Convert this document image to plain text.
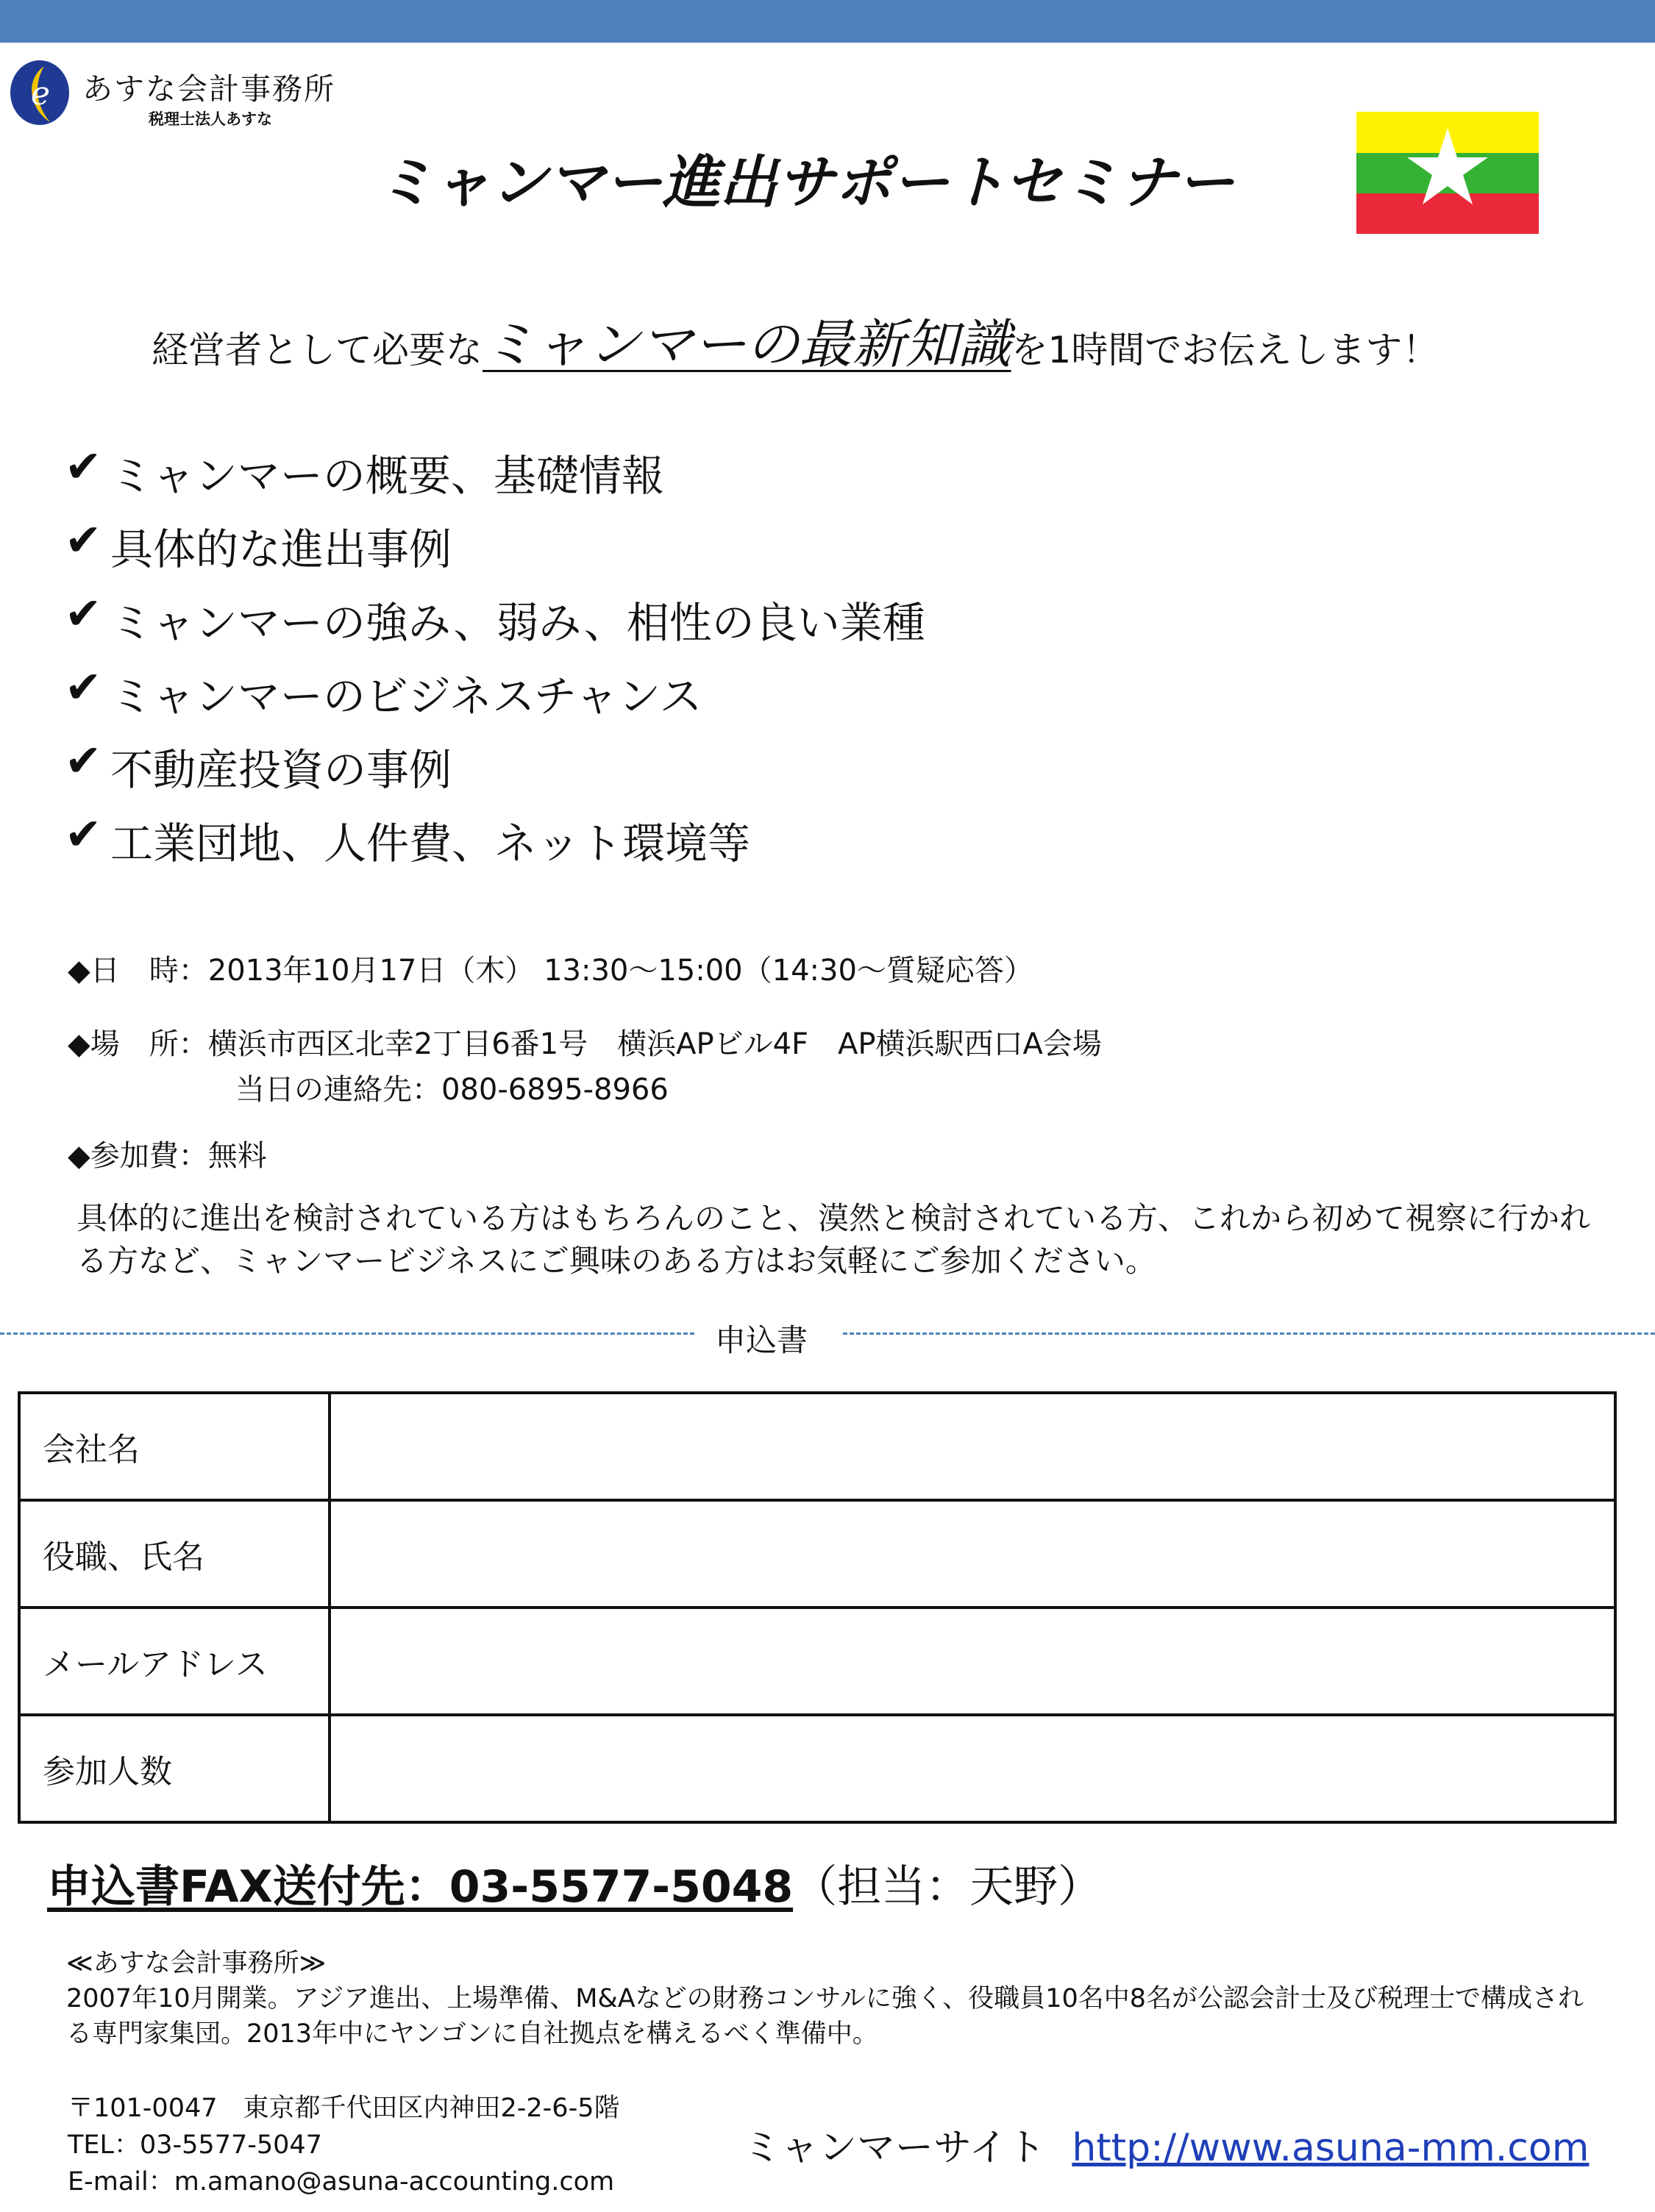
e あすな会計事務所
税理士法人あすな
ミャンマー進出サポートセミナー
経営者として必要なミャンマーの最新知識を1時間でお伝えします！
✔ ミャンマーの概要、基礎情報
✔ 具体的な進出事例
✔ ミャンマーの強み、弱み、相性の良い業種
✔ ミャンマーのビジネスチャンス
✔ 不動産投資の事例
✔ 工業団地、人件費、ネット環境等
◆日　時：2013年10月17日（木） 13:30〜15:00（14:30〜質疑応答）
◆場　所：横浜市西区北幸2丁目6番1号　横浜APビル4F　AP横浜駅西口A会場
当日の連絡先：080-6895-8966
◆参加費：無料
具体的に進出を検討されている方はもちろんのこと、漠然と検討されている方、これから初めて視察に行かれる方など、ミャンマービジネスにご興味のある方はお気軽にご参加ください。
申込書
会社名	
役職、氏名	
メールアドレス	
参加人数	
申込書FAX送付先：03-5577-5048（担当：天野）
≪あすな会計事務所≫
2007年10月開業。アジア進出、上場準備、M&Aなどの財務コンサルに強く、役職員10名中8名が公認会計士及び税理士で構成される専門家集団。2013年中にヤンゴンに自社拠点を構えるべく準備中。
〒101-0047　東京都千代田区内神田2-2-6-5階
TEL：03-5577-5047
E-mail：m.amano@asuna-accounting.com
ミャンマーサイト http://www.asuna-mm.com
